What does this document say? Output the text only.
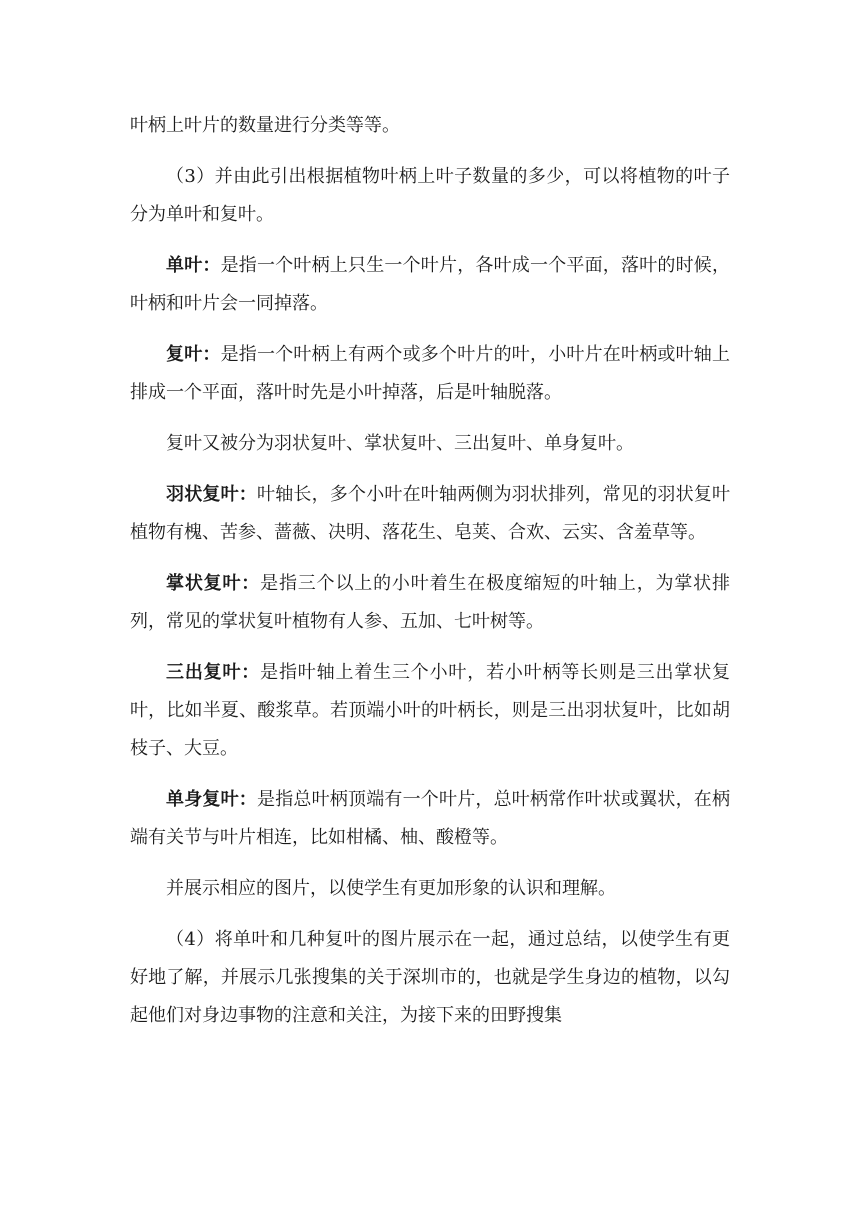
叶柄上叶片的数量进行分类等等。

（3）并由此引出根据植物叶柄上叶子数量的多少，可以将植物的叶子分为单叶和复叶。

单叶：是指一个叶柄上只生一个叶片，各叶成一个平面，落叶的时候，叶柄和叶片会一同掉落。

复叶：是指一个叶柄上有两个或多个叶片的叶，小叶片在叶柄或叶轴上排成一个平面，落叶时先是小叶掉落，后是叶轴脱落。

复叶又被分为羽状复叶、掌状复叶、三出复叶、单身复叶。

羽状复叶：叶轴长，多个小叶在叶轴两侧为羽状排列，常见的羽状复叶植物有槐、苦参、蔷薇、决明、落花生、皂荚、合欢、云实、含羞草等。

掌状复叶：是指三个以上的小叶着生在极度缩短的叶轴上，为掌状排列，常见的掌状复叶植物有人参、五加、七叶树等。

三出复叶：是指叶轴上着生三个小叶，若小叶柄等长则是三出掌状复叶，比如半夏、酸浆草。若顶端小叶的叶柄长，则是三出羽状复叶，比如胡枝子、大豆。

单身复叶：是指总叶柄顶端有一个叶片，总叶柄常作叶状或翼状，在柄端有关节与叶片相连，比如柑橘、柚、酸橙等。

并展示相应的图片，以使学生有更加形象的认识和理解。

（4）将单叶和几种复叶的图片展示在一起，通过总结，以使学生有更好地了解，并展示几张搜集的关于深圳市的，也就是学生身边的植物，以勾起他们对身边事物的注意和关注，为接下来的田野搜集
